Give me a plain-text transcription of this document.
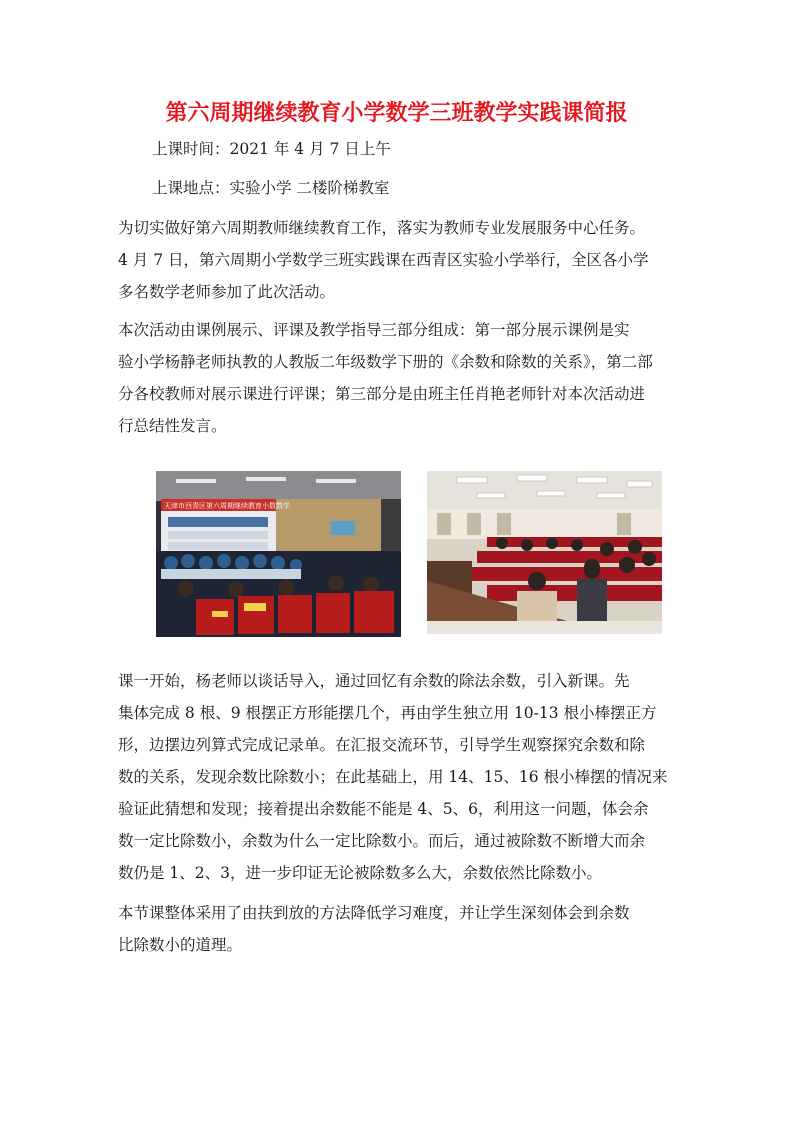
第六周期继续教育小学数学三班教学实践课简报
上课时间：2021 年 4 月 7 日上午
上课地点：实验小学 二楼阶梯教室
为切实做好第六周期教师继续教育工作，落实为教师专业发展服务中心任务。
4 月 7 日，第六周期小学数学三班实践课在西青区实验小学举行，全区各小学
多名数学老师参加了此次活动。
本次活动由课例展示、评课及教学指导三部分组成：第一部分展示课例是实
验小学杨静老师执教的人教版二年级数学下册的《余数和除数的关系》，第二部
分各校教师对展示课进行评课；第三部分是由班主任肖艳老师针对本次活动进
行总结性发言。
天津市西青区第六周期继续教育小数数学
课一开始，杨老师以谈话导入，通过回忆有余数的除法余数，引入新课。先
集体完成 8 根、9 根摆正方形能摆几个，再由学生独立用 10-13 根小棒摆正方
形，边摆边列算式完成记录单。在汇报交流环节，引导学生观察探究余数和除
数的关系，发现余数比除数小；在此基础上，用 14、15、16 根小棒摆的情况来
验证此猜想和发现；接着提出余数能不能是 4、5、6，利用这一问题，体会余
数一定比除数小，余数为什么一定比除数小。而后，通过被除数不断增大而余
数仍是 1、2、3，进一步印证无论被除数多么大，余数依然比除数小。
本节课整体采用了由扶到放的方法降低学习难度，并让学生深刻体会到余数
比除数小的道理。
